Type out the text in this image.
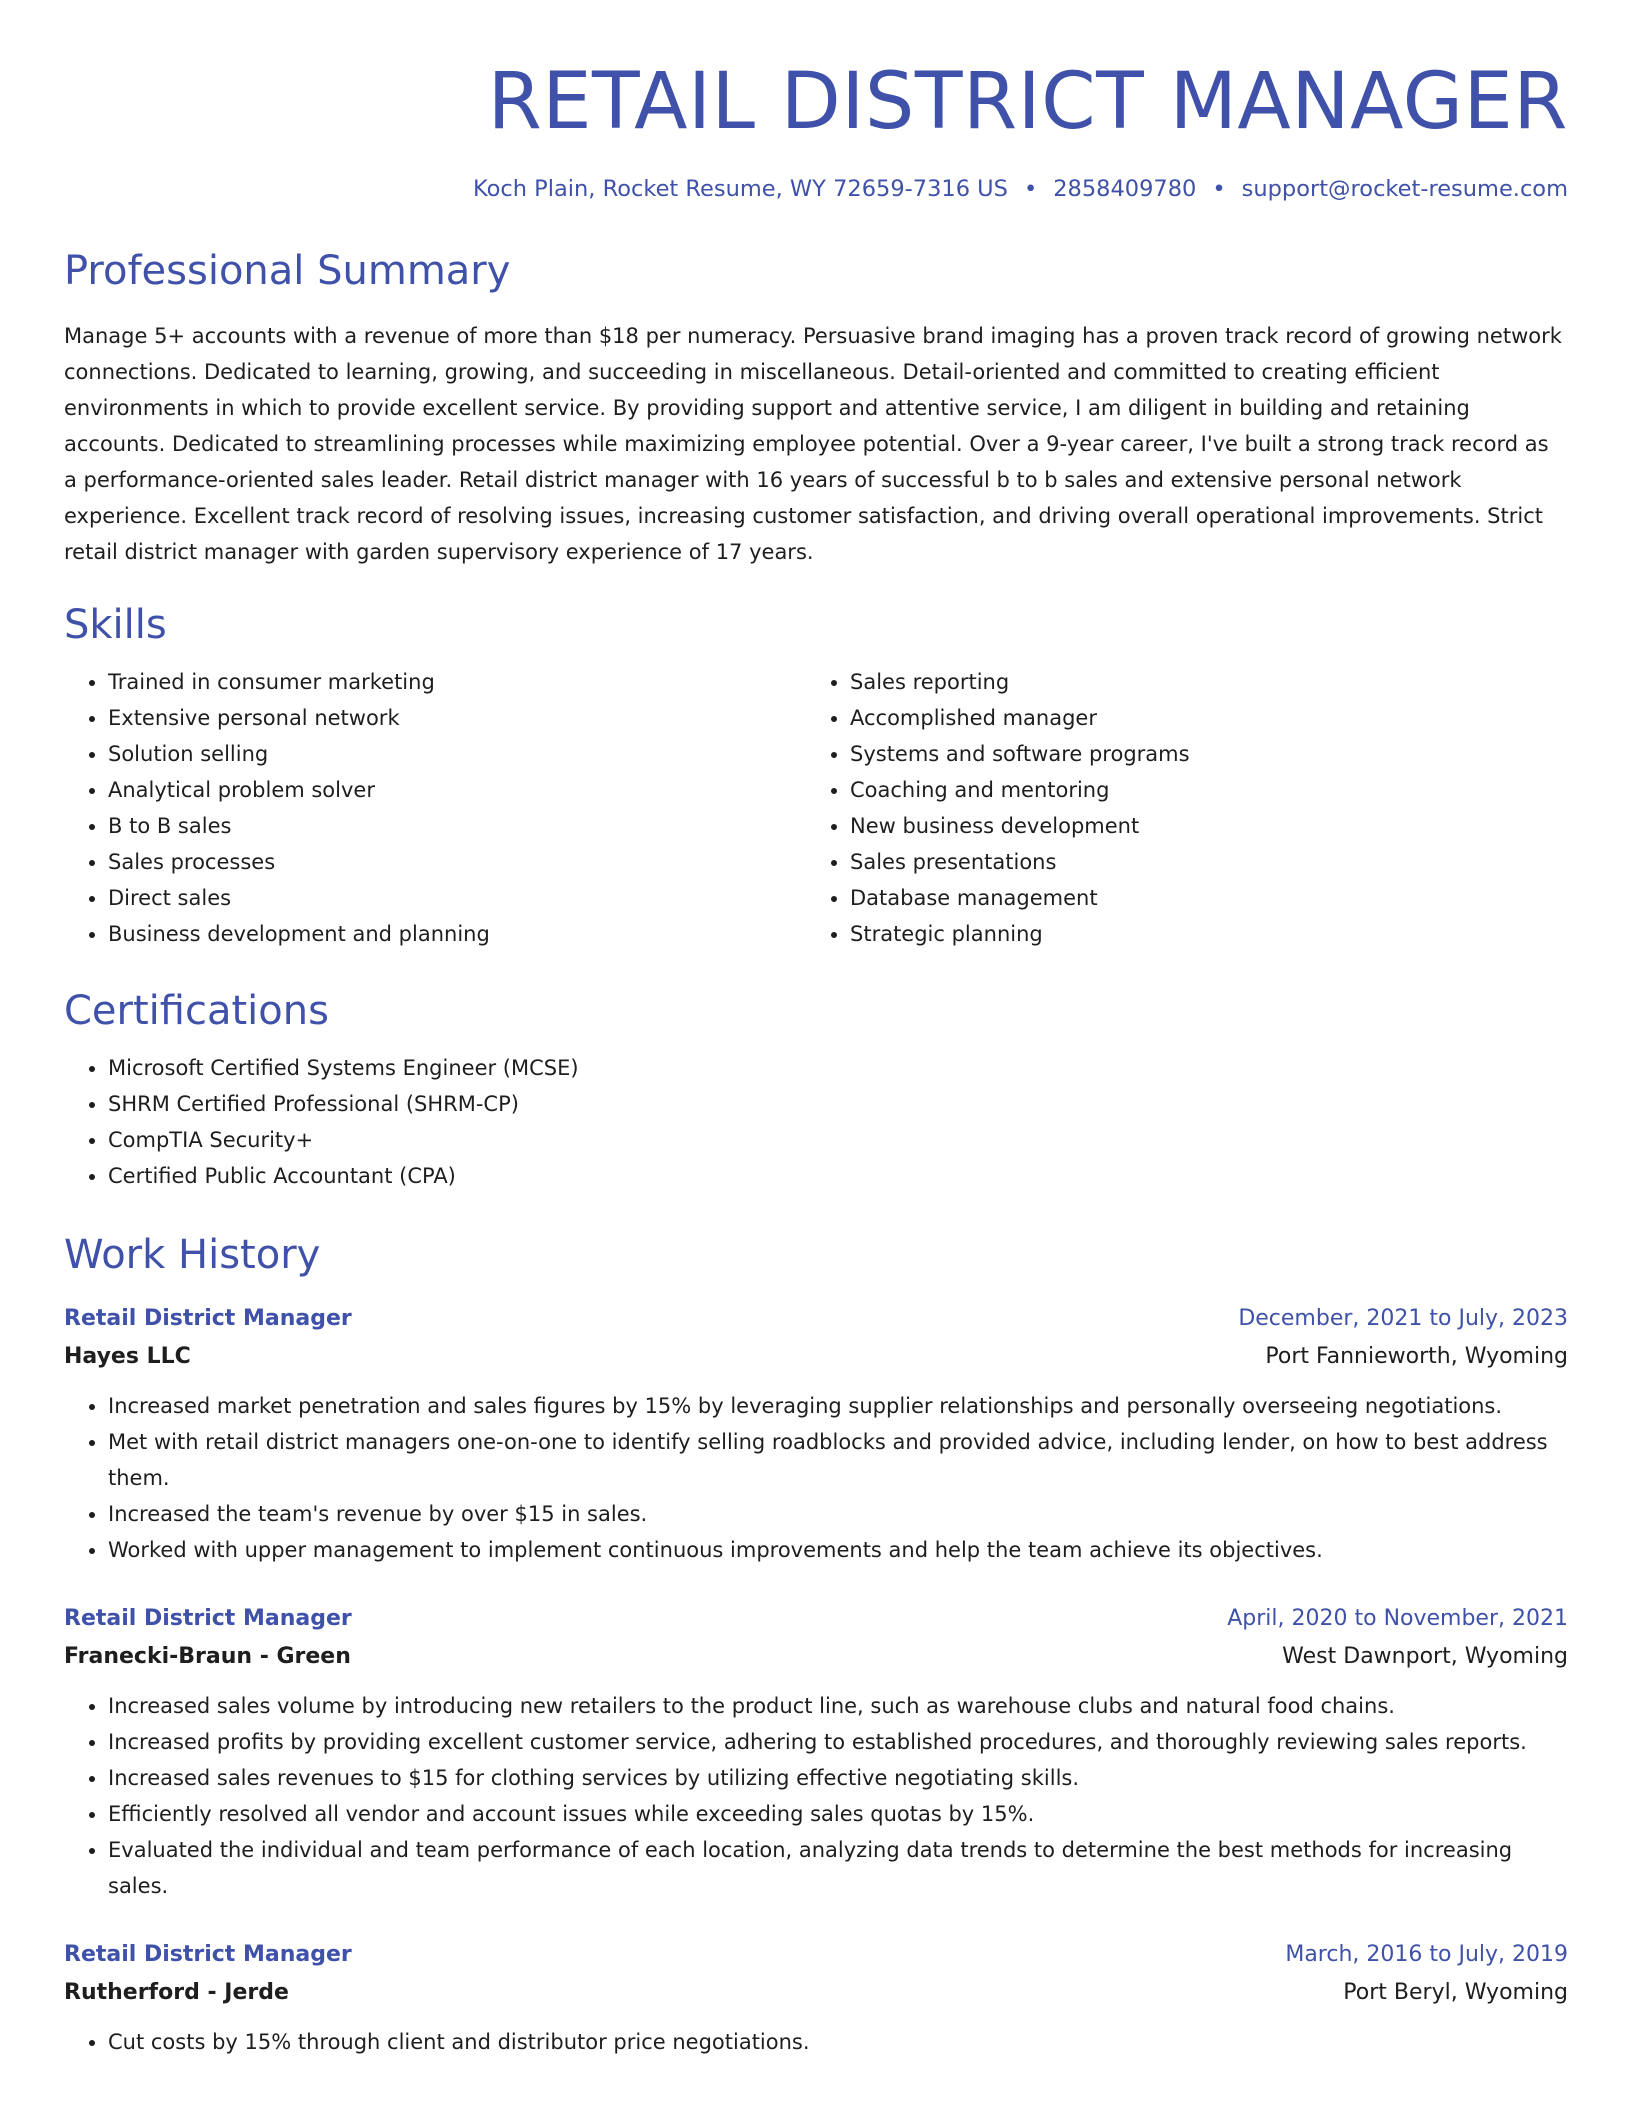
RETAIL DISTRICT MANAGER
Koch Plain, Rocket Resume, WY 72659-7316 US • 2858409780 • support@rocket-resume.com
Professional Summary
Manage 5+ accounts with a revenue of more than $18 per numeracy. Persuasive brand imaging has a proven track record of growing network connections. Dedicated to learning, growing, and succeeding in miscellaneous. Detail-oriented and committed to creating efficient environments in which to provide excellent service. By providing support and attentive service, I am diligent in building and retaining accounts. Dedicated to streamlining processes while maximizing employee potential. Over a 9-year career, I've built a strong track record as a performance-oriented sales leader. Retail district manager with 16 years of successful b to b sales and extensive personal network experience. Excellent track record of resolving issues, increasing customer satisfaction, and driving overall operational improvements. Strict retail district manager with garden supervisory experience of 17 years.
Skills
• Trained in consumer marketing
• Extensive personal network
• Solution selling
• Analytical problem solver
• B to B sales
• Sales processes
• Direct sales
• Business development and planning
• Sales reporting
• Accomplished manager
• Systems and software programs
• Coaching and mentoring
• New business development
• Sales presentations
• Database management
• Strategic planning
Certifications
• Microsoft Certified Systems Engineer (MCSE)
• SHRM Certified Professional (SHRM-CP)
• CompTIA Security+
• Certified Public Accountant (CPA)
Work History
Retail District Manager	December, 2021 to July, 2023
Hayes LLC	Port Fannieworth, Wyoming
• Increased market penetration and sales figures by 15% by leveraging supplier relationships and personally overseeing negotiations.
• Met with retail district managers one-on-one to identify selling roadblocks and provided advice, including lender, on how to best address them.
• Increased the team's revenue by over $15 in sales.
• Worked with upper management to implement continuous improvements and help the team achieve its objectives.
Retail District Manager	April, 2020 to November, 2021
Franecki-Braun - Green	West Dawnport, Wyoming
• Increased sales volume by introducing new retailers to the product line, such as warehouse clubs and natural food chains.
• Increased profits by providing excellent customer service, adhering to established procedures, and thoroughly reviewing sales reports.
• Increased sales revenues to $15 for clothing services by utilizing effective negotiating skills.
• Efficiently resolved all vendor and account issues while exceeding sales quotas by 15%.
• Evaluated the individual and team performance of each location, analyzing data trends to determine the best methods for increasing sales.
Retail District Manager	March, 2016 to July, 2019
Rutherford - Jerde	Port Beryl, Wyoming
• Cut costs by 15% through client and distributor price negotiations.
